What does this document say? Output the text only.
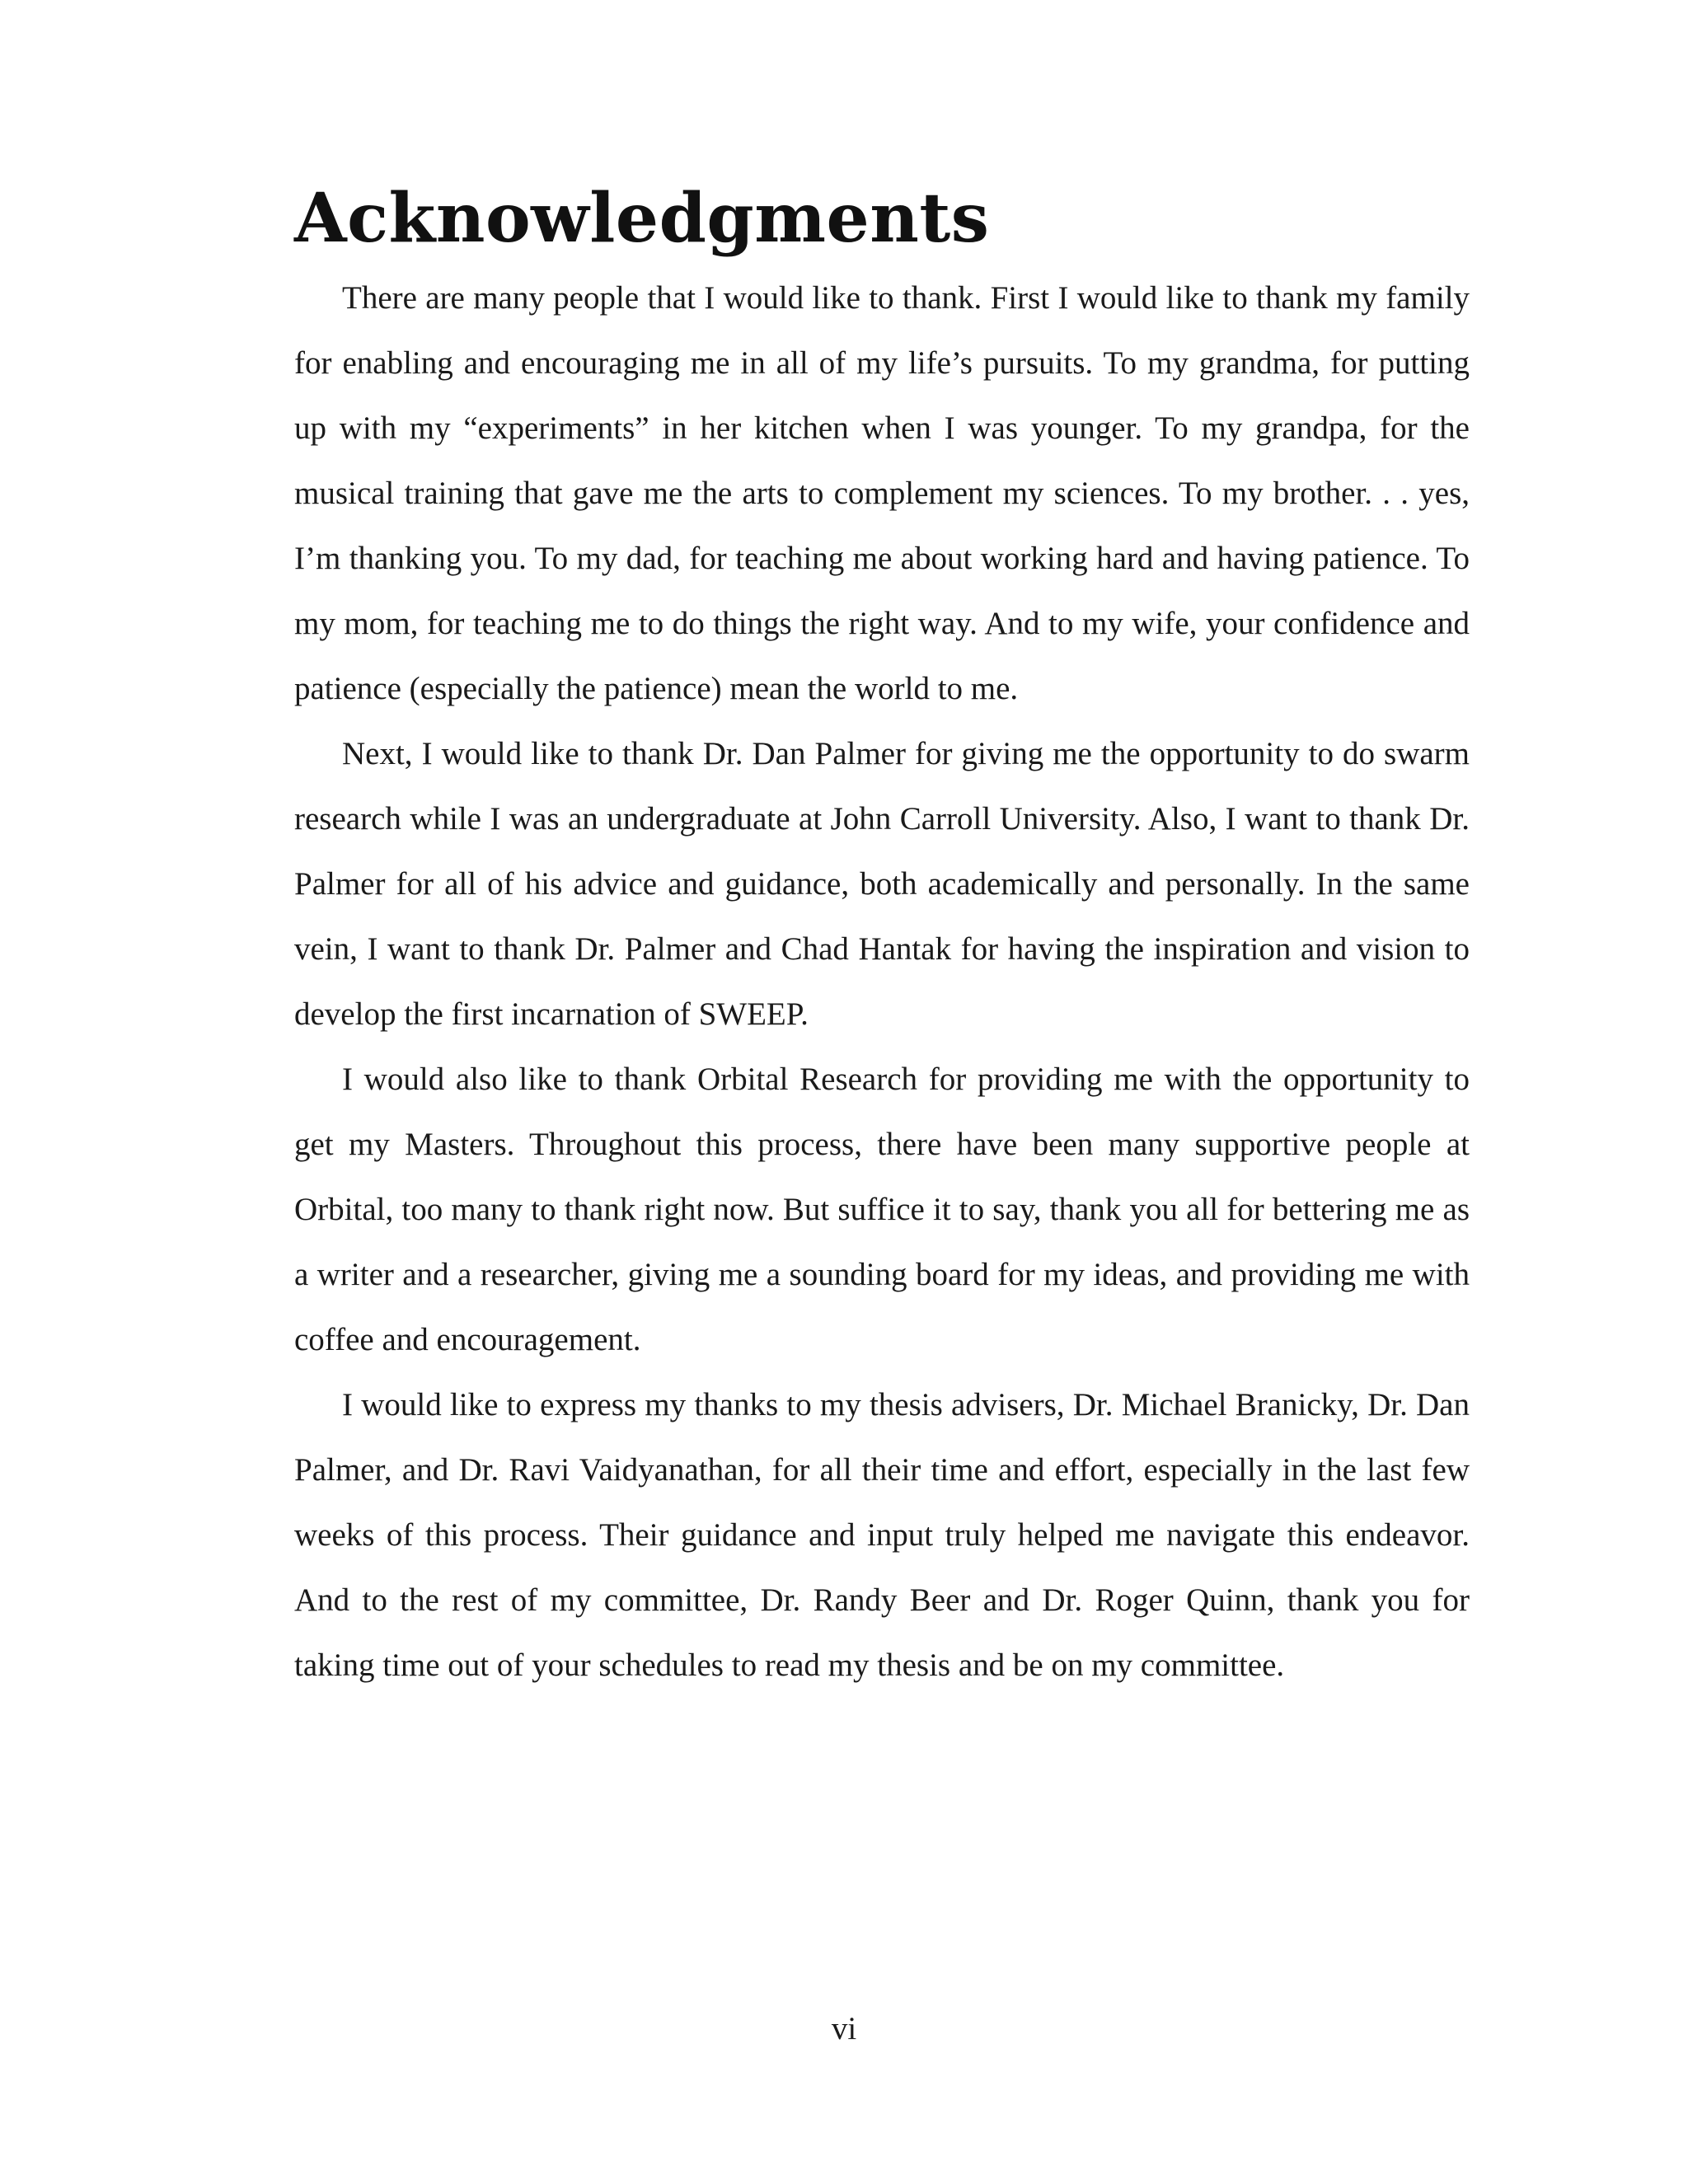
Acknowledgments

There are many people that I would like to thank. First I would like to thank my family for enabling and encouraging me in all of my life’s pursuits. To my grandma, for putting up with my “experiments” in her kitchen when I was younger. To my grandpa, for the musical training that gave me the arts to complement my sciences. To my brother. . . yes, I’m thanking you. To my dad, for teaching me about working hard and having patience. To my mom, for teaching me to do things the right way. And to my wife, your confidence and patience (especially the patience) mean the world to me.

Next, I would like to thank Dr. Dan Palmer for giving me the opportunity to do swarm research while I was an undergraduate at John Carroll University. Also, I want to thank Dr. Palmer for all of his advice and guidance, both academically and personally. In the same vein, I want to thank Dr. Palmer and Chad Hantak for having the inspiration and vision to develop the first incarnation of SWEEP.

I would also like to thank Orbital Research for providing me with the opportunity to get my Masters. Throughout this process, there have been many supportive people at Orbital, too many to thank right now. But suffice it to say, thank you all for bettering me as a writer and a researcher, giving me a sounding board for my ideas, and providing me with coffee and encouragement.

I would like to express my thanks to my thesis advisers, Dr. Michael Branicky, Dr. Dan Palmer, and Dr. Ravi Vaidyanathan, for all their time and effort, especially in the last few weeks of this process. Their guidance and input truly helped me navigate this endeavor. And to the rest of my committee, Dr. Randy Beer and Dr. Roger Quinn, thank you for taking time out of your schedules to read my thesis and be on my committee.

vi
